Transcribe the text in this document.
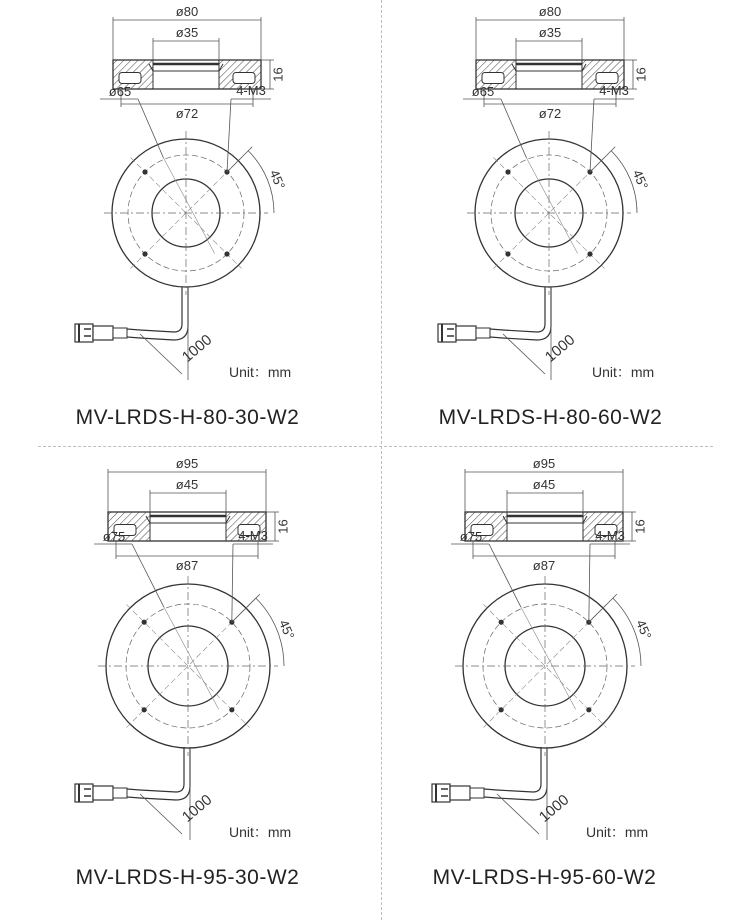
ø80
ø35
ø72
16
ø65	4-M3
45°
1000
Unit：mm
MV-LRDS-H-80-30-W2
ø80
ø35
ø72
16
ø65	4-M3
45°
1000
Unit：mm
MV-LRDS-H-80-60-W2
ø95
ø45
ø87
16
ø75	4-M3
45°
1000
Unit：mm
MV-LRDS-H-95-30-W2
ø95
ø45
ø87
16
ø75	4-M3
45°
1000
Unit：mm
MV-LRDS-H-95-60-W2
